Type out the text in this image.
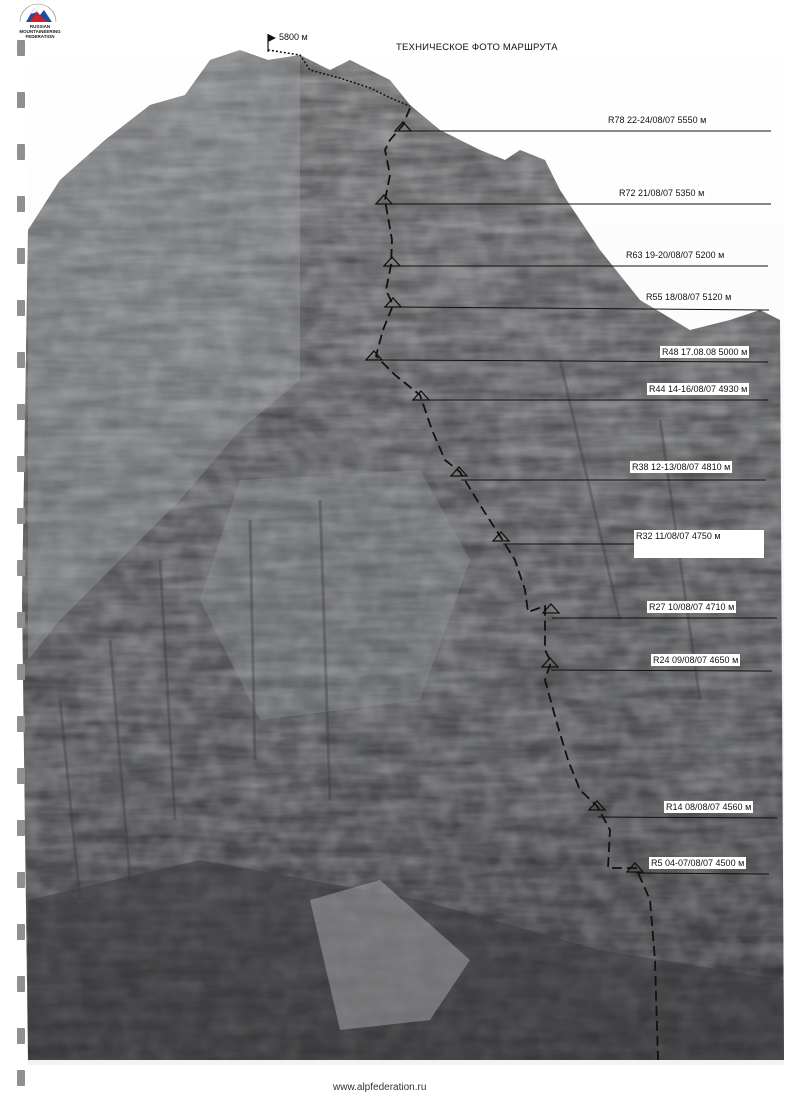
RUSSIAN MOUNTAINEERING FEDERATION	5800 м
ТЕХНИЧЕСКОЕ ФОТО МАРШРУТА
R78 22-24/08/07 5550 м
R72 21/08/07 5350 м
R63 19-20/08/07 5200 м
R55 18/08/07 5120 м
R48 17.08.08 5000 м
R44 14-16/08/07 4930 м
R38 12-13/08/07 4810 м
R32 11/08/07 4750 м
R27 10/08/07 4710 м
R24 09/08/07 4650 м
R14 08/08/07 4560 м
R5 04-07/08/07 4500 м
www.alpfederation.ru
